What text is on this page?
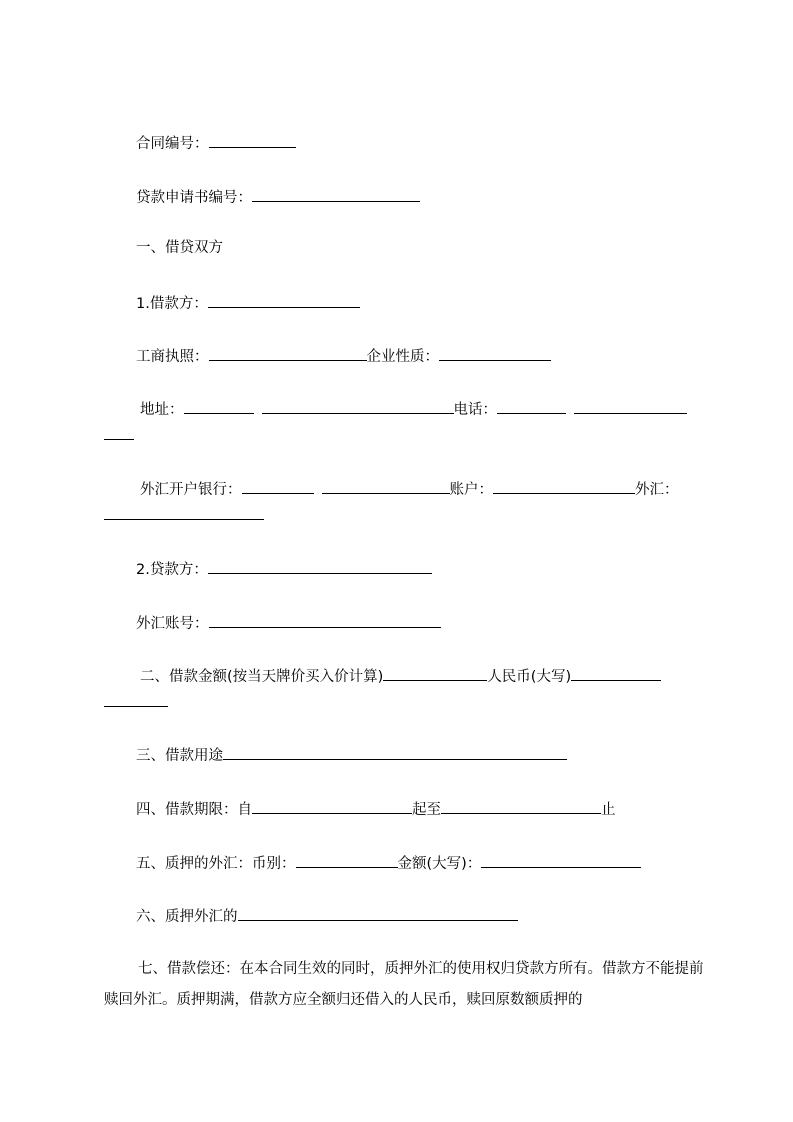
合同编号：
贷款申请书编号：
一、借贷双方
1.借款方：
工商执照：	企业性质：
地址：	电话：
外汇开户银行：	账户：	外汇：
2.贷款方：
外汇账号：
二、借款金额(按当天牌价买入价计算)	人民币(大写)
三、借款用途
四、借款期限：自	起至	止
五、质押的外汇：币别：	金额(大写)：
六、质押外汇的
七、借款偿还：在本合同生效的同时，质押外汇的使用权归贷款方所有。借款方不能提前赎回外汇。质押期满，借款方应全额归还借入的人民币，赎回原数额质押的
